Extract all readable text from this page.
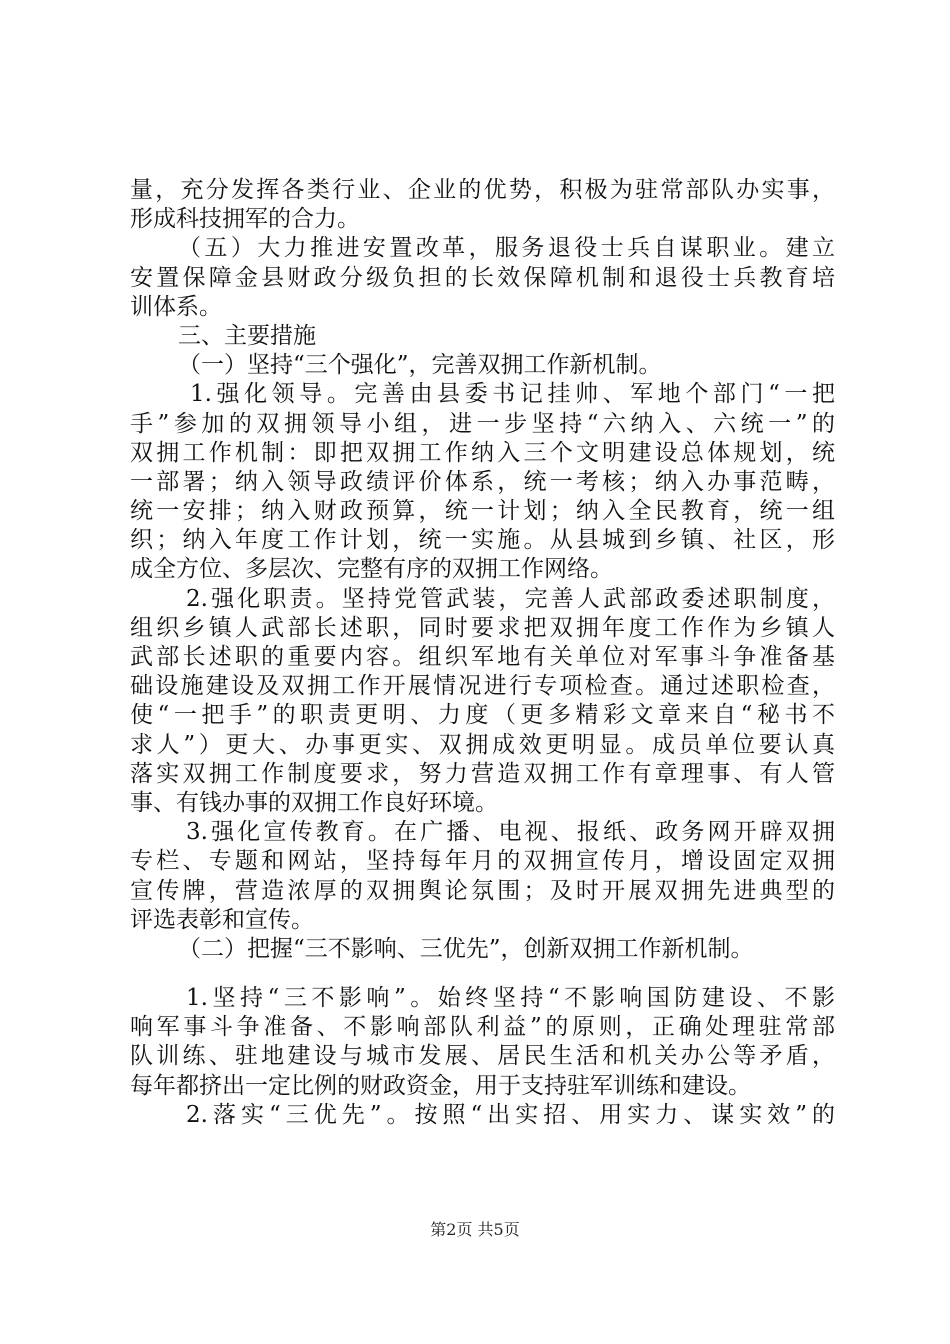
量，充分发挥各类行业、企业的优势，积极为驻常部队办实事，
形成科技拥军的合力。
（五）大力推进安置改革，服务退役士兵自谋职业。建立
安置保障金县财政分级负担的长效保障机制和退役士兵教育培
训体系。
三、主要措施
（一）坚持“三个强化”，完善双拥工作新机制。
1.强化领导。完善由县委书记挂帅、军地个部门“一把
手”参加的双拥领导小组，进一步坚持“六纳入、六统一”的
双拥工作机制：即把双拥工作纳入三个文明建设总体规划，统
一部署；纳入领导政绩评价体系，统一考核；纳入办事范畴，
统一安排；纳入财政预算，统一计划；纳入全民教育，统一组
织；纳入年度工作计划，统一实施。从县城到乡镇、社区，形
成全方位、多层次、完整有序的双拥工作网络。
2.强化职责。坚持党管武装，完善人武部政委述职制度，
组织乡镇人武部长述职，同时要求把双拥年度工作作为乡镇人
武部长述职的重要内容。组织军地有关单位对军事斗争准备基
础设施建设及双拥工作开展情况进行专项检查。通过述职检查，
使“一把手”的职责更明、力度（更多精彩文章来自“秘书不
求人”）更大、办事更实、双拥成效更明显。成员单位要认真
落实双拥工作制度要求，努力营造双拥工作有章理事、有人管
事、有钱办事的双拥工作良好环境。
3.强化宣传教育。在广播、电视、报纸、政务网开辟双拥
专栏、专题和网站，坚持每年月的双拥宣传月，增设固定双拥
宣传牌，营造浓厚的双拥舆论氛围；及时开展双拥先进典型的
评选表彰和宣传。
（二）把握“三不影响、三优先”，创新双拥工作新机制。
1.坚持“三不影响”。始终坚持“不影响国防建设、不影
响军事斗争准备、不影响部队利益”的原则，正确处理驻常部
队训练、驻地建设与城市发展、居民生活和机关办公等矛盾，
每年都挤出一定比例的财政资金，用于支持驻军训练和建设。
2.落实“三优先”。按照“出实招、用实力、谋实效”的
第2页 共5页
